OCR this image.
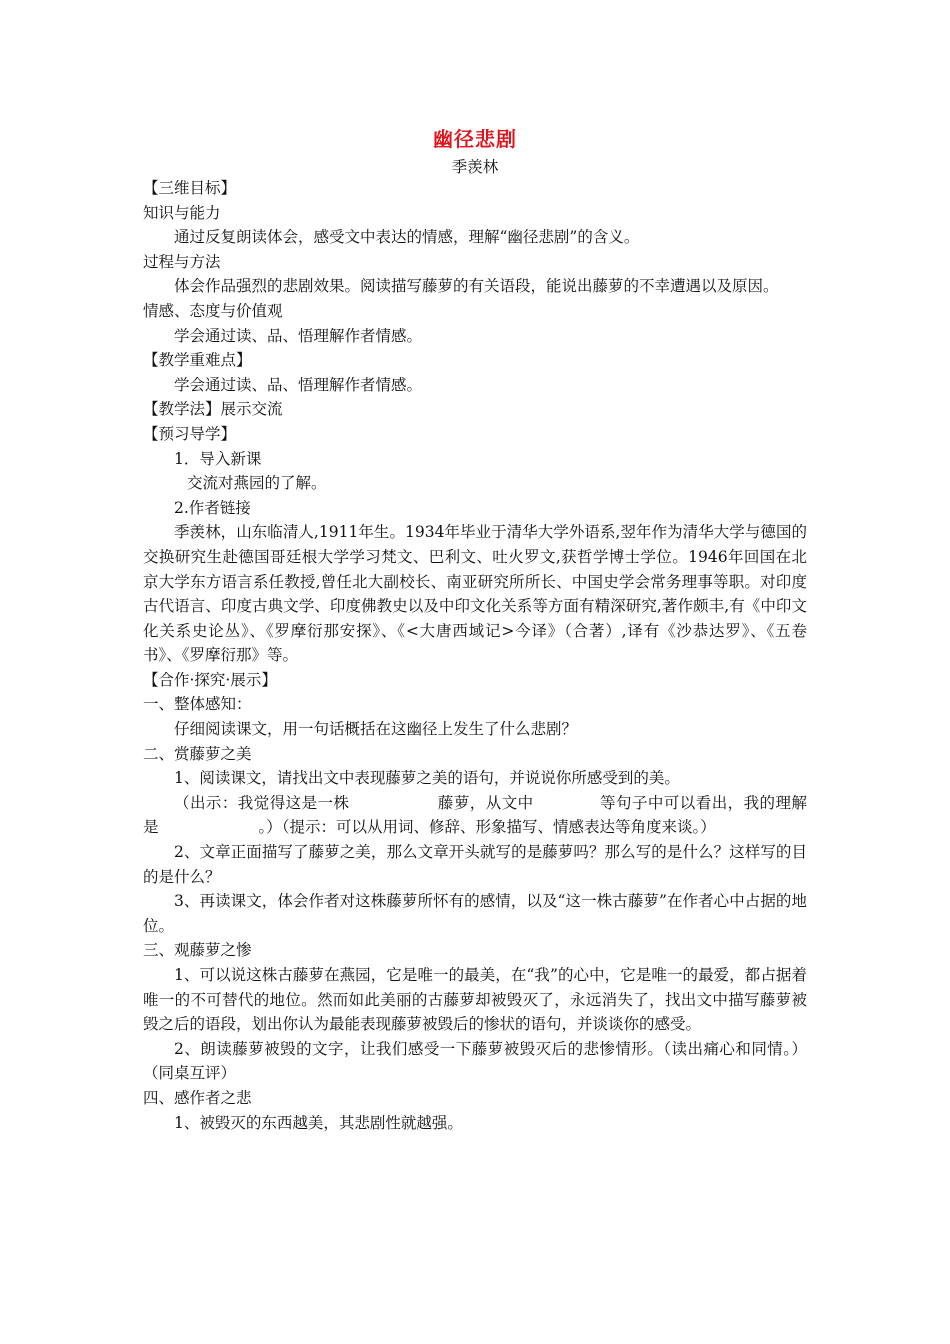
幽径悲剧
季羡林

【三维目标】

知识与能力

通过反复朗读体会，感受文中表达的情感，理解“幽径悲剧”的含义。

过程与方法

体会作品强烈的悲剧效果。阅读描写藤萝的有关语段，能说出藤萝的不幸遭遇以及原因。

情感、态度与价值观

学会通过读、品、悟理解作者情感。

【教学重难点】

学会通过读、品、悟理解作者情感。

【教学法】展示交流

【预习导学】

1．导入新课

交流对燕园的了解。

2.作者链接

季羡林，山东临清人,1911年生。1934年毕业于清华大学外语系,翌年作为清华大学与德国的交换研究生赴德国哥廷根大学学习梵文、巴利文、吐火罗文,获哲学博士学位。1946年回国在北京大学东方语言系任教授,曾任北大副校长、南亚研究所所长、中国史学会常务理事等职。对印度古代语言、印度古典文学、印度佛教史以及中印文化关系等方面有精深研究,著作颇丰,有《中印文化关系史论丛》、《罗摩衍那安探》、《<大唐西域记>今译》（合著）,译有《沙恭达罗》、《五卷书》、《罗摩衍那》等。

【合作·探究·展示】

一、整体感知：

仔细阅读课文，用一句话概括在这幽径上发生了什么悲剧？

二、赏藤萝之美

1、阅读课文，请找出文中表现藤萝之美的语句，并说说你所感受到的美。

（出示：我觉得这是一株	藤萝，从文中	等句子中可以看出，我的理解是	。）（提示：可以从用词、修辞、形象描写、情感表达等角度来谈。）

2、文章正面描写了藤萝之美，那么文章开头就写的是藤萝吗？那么写的是什么？这样写的目的是什么？

3、再读课文，体会作者对这株藤萝所怀有的感情，以及“这一株古藤萝”在作者心中占据的地位。

三、观藤萝之惨

1、可以说这株古藤萝在燕园，它是唯一的最美，在“我”的心中，它是唯一的最爱，都占据着唯一的不可替代的地位。然而如此美丽的古藤萝却被毁灭了，永远消失了，找出文中描写藤萝被毁之后的语段，划出你认为最能表现藤萝被毁后的惨状的语句，并谈谈你的感受。

2、朗读藤萝被毁的文字，让我们感受一下藤萝被毁灭后的悲惨情形。（读出痛心和同情。）（同桌互评）

四、感作者之悲

1、被毁灭的东西越美，其悲剧性就越强。
